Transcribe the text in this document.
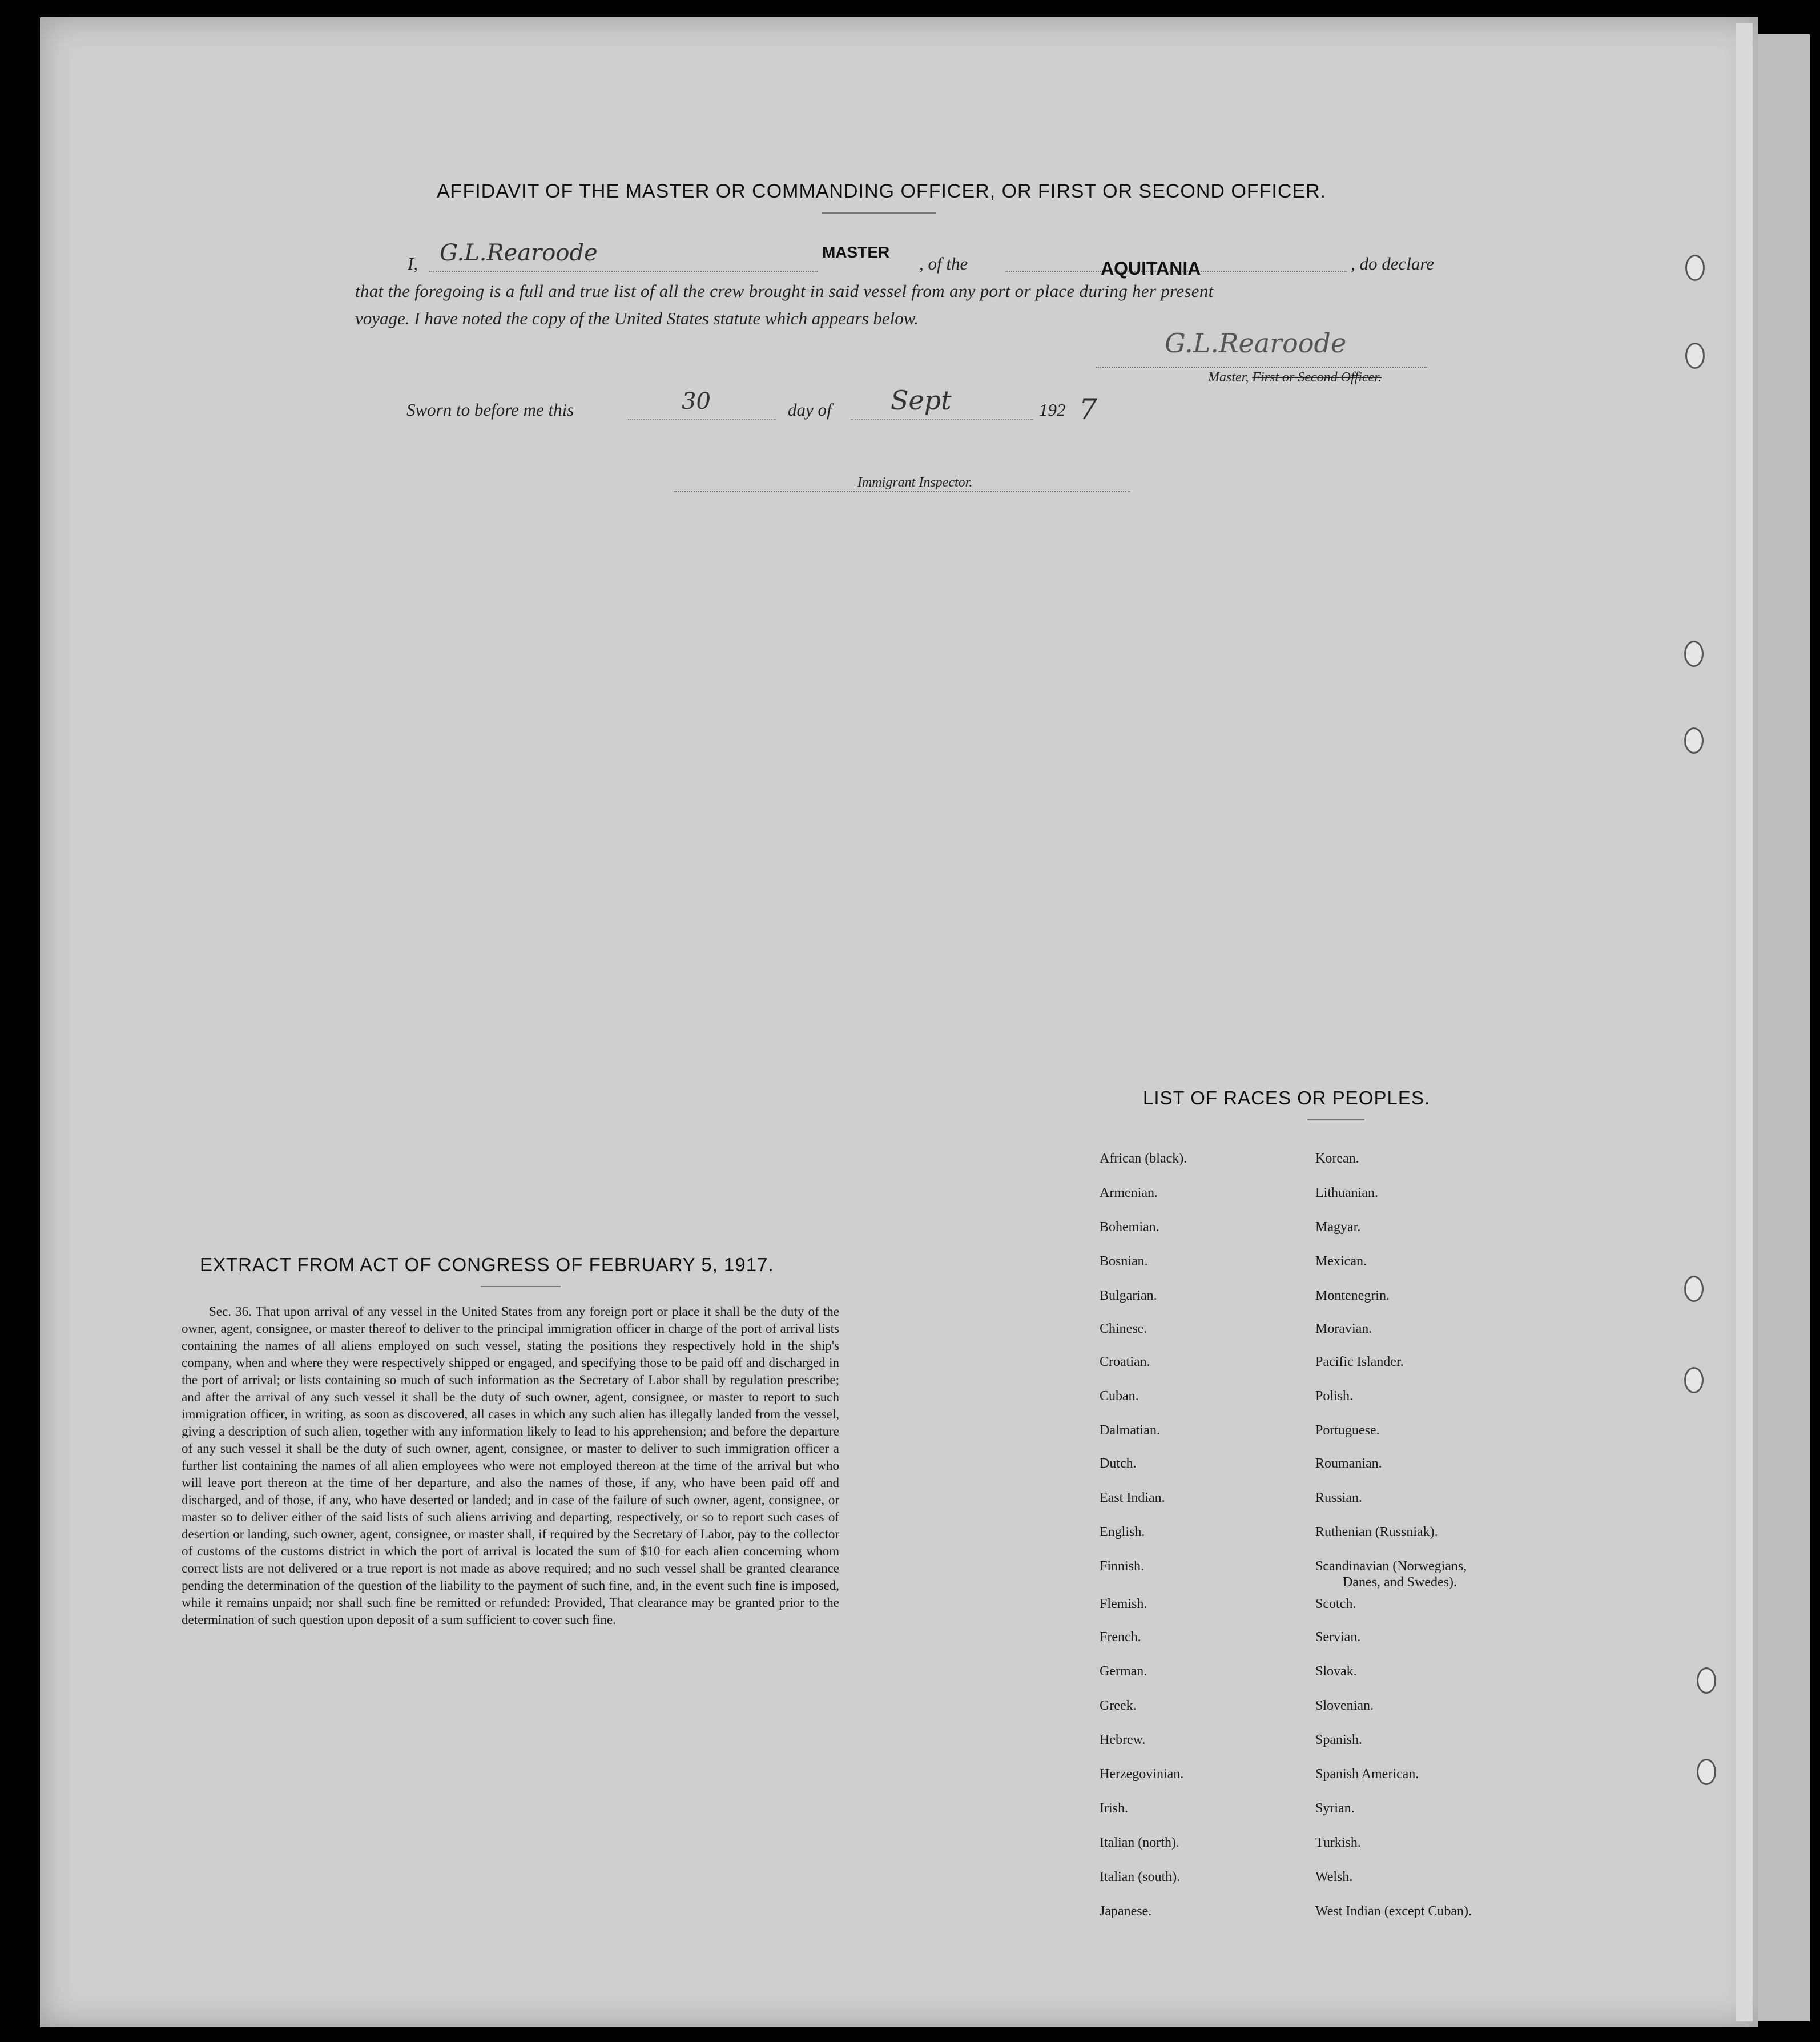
AFFIDAVIT OF THE MASTER OR COMMANDING OFFICER, OR FIRST OR SECOND OFFICER.
I, G.L.Rearoode	MASTER
, of the	AQUITANIA	, do declare
that the foregoing is a full and true list of all the crew brought in said vessel from any port or place during her present
voyage. I have noted the copy of the United States statute which appears below.
G.L.Rearoode
Master, First or Second Officer.
Sworn to before me this	30	day of Sept	192 7
Immigrant Inspector.
EXTRACT FROM ACT OF CONGRESS OF FEBRUARY 5, 1917.
Sec. 36. That upon arrival of any vessel in the United States from any foreign port or place it shall be the duty of the owner, agent, consignee, or master thereof to deliver to the principal immigration officer in charge of the port of arrival lists containing the names of all aliens employed on such vessel, stating the positions they respectively hold in the ship's company, when and where they were respectively shipped or engaged, and specifying those to be paid off and discharged in the port of arrival; or lists containing so much of such information as the Secretary of Labor shall by regulation prescribe; and after the arrival of any such vessel it shall be the duty of such owner, agent, consignee, or master to report to such immigration officer, in writing, as soon as discovered, all cases in which any such alien has illegally landed from the vessel, giving a description of such alien, together with any information likely to lead to his apprehension; and before the departure of any such vessel it shall be the duty of such owner, agent, consignee, or master to deliver to such immigration officer a further list containing the names of all alien employees who were not employed thereon at the time of the arrival but who will leave port thereon at the time of her departure, and also the names of those, if any, who have been paid off and discharged, and of those, if any, who have deserted or landed; and in case of the failure of such owner, agent, consignee, or master so to deliver either of the said lists of such aliens arriving and departing, respectively, or so to report such cases of desertion or landing, such owner, agent, consignee, or master shall, if required by the Secretary of Labor, pay to the collector of customs of the customs district in which the port of arrival is located the sum of $10 for each alien concerning whom correct lists are not delivered or a true report is not made as above required; and no such vessel shall be granted clearance pending the determination of the question of the liability to the payment of such fine, and, in the event such fine is imposed, while it remains unpaid; nor shall such fine be remitted or refunded: Provided, That clearance may be granted prior to the determination of such question upon deposit of a sum sufficient to cover such fine.
LIST OF RACES OR PEOPLES.
African (black).
Armenian.
Bohemian.
Bosnian.
Bulgarian.
Chinese.
Croatian.
Cuban.
Dalmatian.
Dutch.
East Indian.
English.
Finnish.
Flemish.
French.
German.
Greek.
Hebrew.
Herzegovinian.
Irish.
Italian (north).
Italian (south).
Japanese.
Korean.
Lithuanian.
Magyar.
Mexican.
Montenegrin.
Moravian.
Pacific Islander.
Polish.
Portuguese.
Roumanian.
Russian.
Ruthenian (Russniak).
Scandinavian (Norwegians,
Danes, and Swedes).
Scotch.
Servian.
Slovak.
Slovenian.
Spanish.
Spanish American.
Syrian.
Turkish.
Welsh.
West Indian (except Cuban).
